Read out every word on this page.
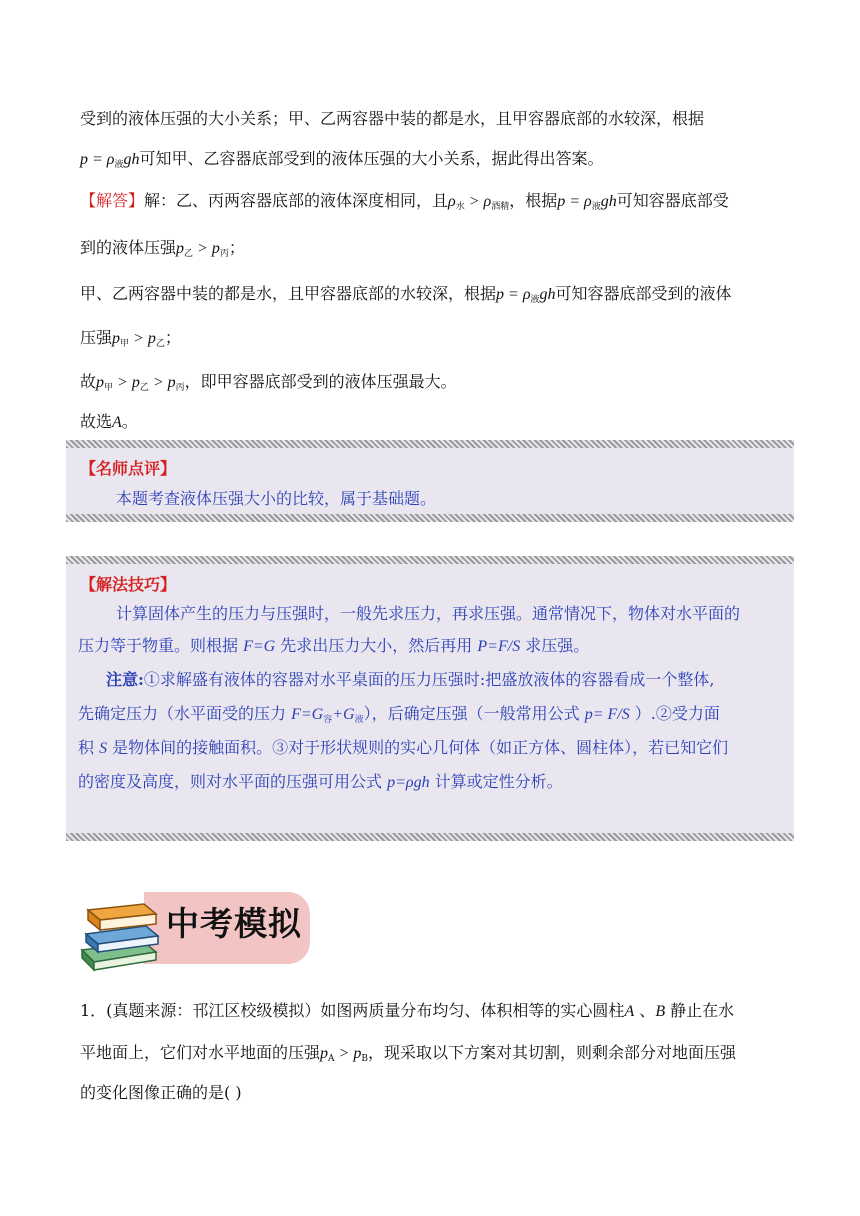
受到的液体压强的大小关系；甲、乙两容器中装的都是水，且甲容器底部的水较深，根据
$p = \rho_液gh$可知甲、乙容器底部受到的液体压强的大小关系，据此得出答案。
【解答】解：乙、丙两容器底部的液体深度相同，且$\rho_水 > \rho_{酒精}$，根据$p = \rho_液gh$可知容器底部受
到的液体压强$p_乙 > p_丙$；
甲、乙两容器中装的都是水，且甲容器底部的水较深，根据$p = \rho_液gh$可知容器底部受到的液体
压强$p_甲 > p_乙$；
故$p_甲 > p_乙 > p_丙$，即甲容器底部受到的液体压强最大。
故选A。
【名师点评】
本题考查液体压强大小的比较，属于基础题。
【解法技巧】
计算固体产生的压力与压强时，一般先求压力，再求压强。通常情况下，物体对水平面的
压力等于物重。则根据 F=G 先求出压力大小，然后再用 P=F/S 求压强。
注意:①求解盛有液体的容器对水平桌面的压力压强时:把盛放液体的容器看成一个整体,
先确定压力（水平面受的压力 $F=G_容+G_液$），后确定压强（一般常用公式 p= F/S ）.②受力面
积 S 是物体间的接触面积。③对于形状规则的实心几何体（如正方体、圆柱体），若已知它们
的密度及高度，则对水平面的压强可用公式 p=ρgh 计算或定性分析。
中考模拟
1．(真题来源：邗江区校级模拟）如图两质量分布均匀、体积相等的实心圆柱A 、B 静止在水
平地面上，它们对水平地面的压强$p_A > p_B$，现采取以下方案对其切割，则剩余部分对地面压强
的变化图像正确的是( )
